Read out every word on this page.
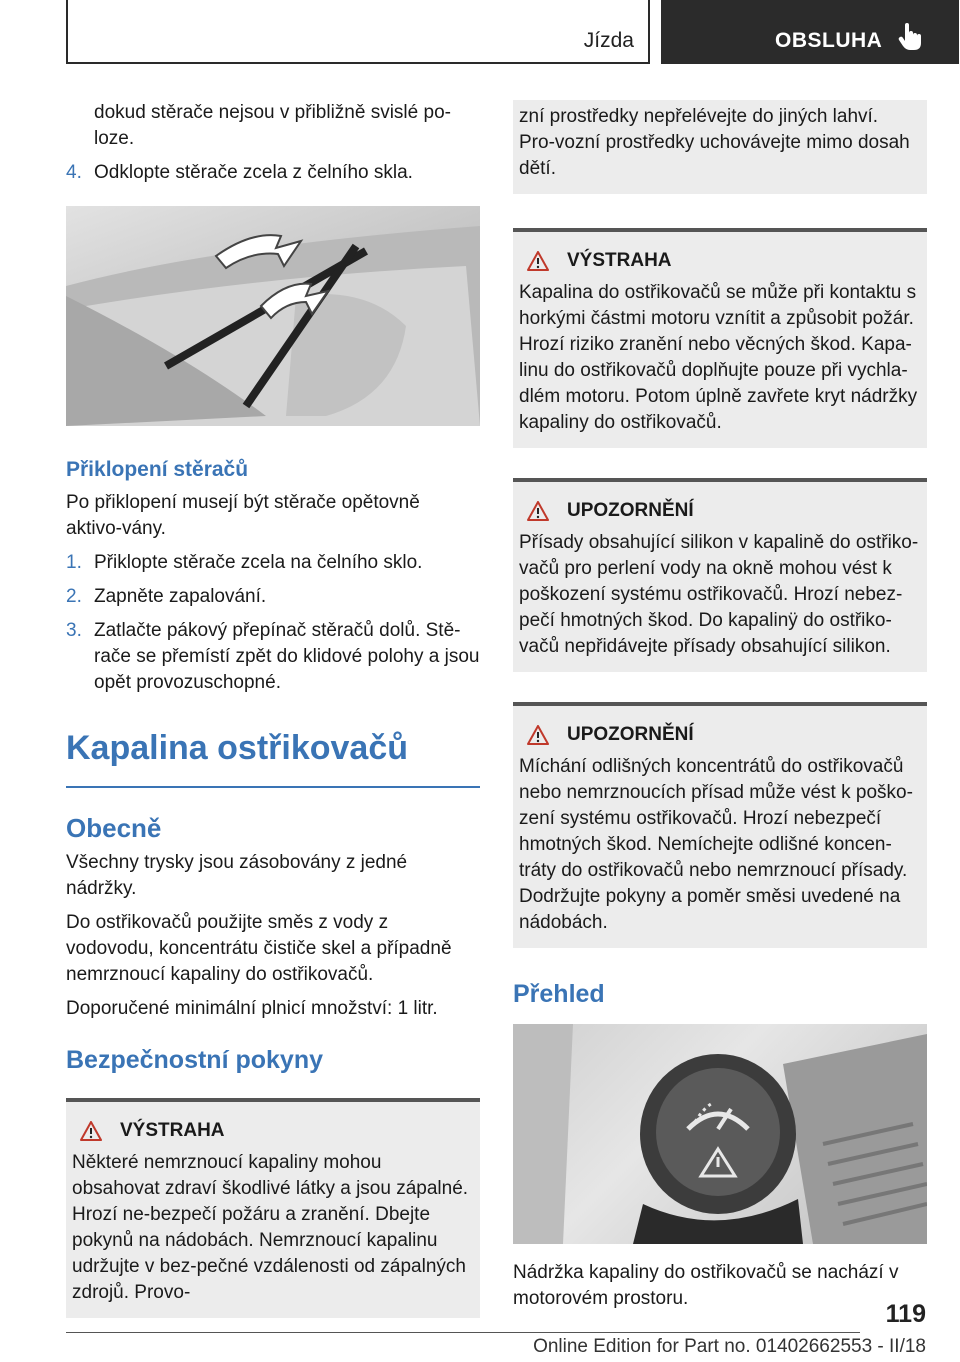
Jízda	OBSLUHA

dokud stěrače nejsou v přibližně svislé po-loze.

4. Odklopte stěrače zcela z čelního skla.
Přiklopení stěračů

Po přiklopení musejí být stěrače opětovně aktivo-vány.

1. Přiklopte stěrače zcela na čelního sklo.
2. Zapněte zapalování.
3. Zatlačte pákový přepínač stěračů dolů. Stě-rače se přemístí zpět do klidové polohy a jsou opět provozuschopné.
Kapalina ostřikovačů
Obecně

Všechny trysky jsou zásobovány z jedné nádržky.

Do ostřikovačů použijte směs z vody z vodovodu, koncentrátu čističe skel a případně nemrznoucí kapaliny do ostřikovačů.

Doporučené minimální plnicí množství: 1 litr.

Bezpečnostní pokyny
VÝSTRAHA

Některé nemrznoucí kapaliny mohou obsahovat zdraví škodlivé látky a jsou zápalné. Hrozí ne-bezpečí požáru a zranění. Dbejte pokynů na nádobách. Nemrznoucí kapalinu udržujte v bez-pečné vzdálenosti od zápalných zdrojů. Provo-

zní prostředky nepřelévejte do jiných lahví. Pro-vozní prostředky uchovávejte mimo dosah dětí.

VÝSTRAHA

Kapalina do ostřikovačů se může při kontaktu s horkými částmi motoru vznítit a způsobit požár. Hrozí riziko zranění nebo věcných škod. Kapa-linu do ostřikovačů doplňujte pouze při vychla-dlém motoru. Potom úplně zavřete kryt nádržky kapaliny do ostřikovačů.

UPOZORNĚNÍ

Přísady obsahující silikon v kapalině do ostřiko-vačů pro perlení vody na okně mohou vést k poškození systému ostřikovačů. Hrozí nebez-pečí hmotných škod. Do kapalinÿ do ostřiko-vačů nepřidávejte přísady obsahující silikon.

UPOZORNĚNÍ

Míchání odlišných koncentrátů do ostřikovačů nebo nemrznoucích přísad může vést k poško-zení systému ostřikovačů. Hrozí nebezpečí hmotných škod. Nemíchejte odlišné koncen-tráty do ostřikovačů nebo nemrznoucí přísady. Dodržujte pokyny a poměr směsi uvedené na nádobách.

Přehled

Nádržka kapaliny do ostřikovačů se nachází v motorovém prostoru.

119
Online Edition for Part no. 01402662553 - II/18
